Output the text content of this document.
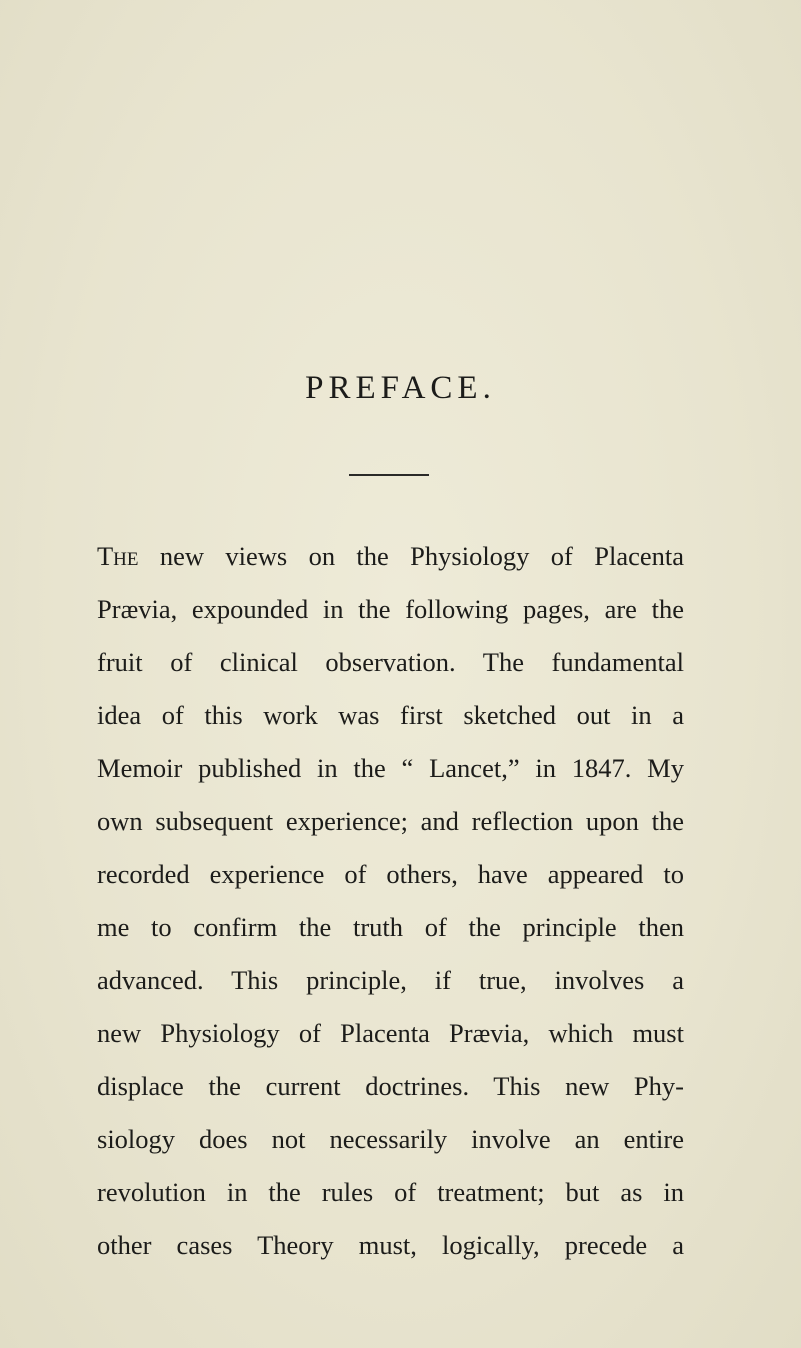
PREFACE.
The new views on the Physiology of Placenta
Prævia, expounded in the following pages, are the
fruit of clinical observation. The fundamental
idea of this work was first sketched out in a
Memoir published in the “ Lancet,” in 1847. My
own subsequent experience; and reflection upon the
recorded experience of others, have appeared to
me to confirm the truth of the principle then
advanced. This principle, if true, involves a
new Physiology of Placenta Prævia, which must
displace the current doctrines. This new Phy-
siology does not necessarily involve an entire
revolution in the rules of treatment; but as in
other cases Theory must, logically, precede a
